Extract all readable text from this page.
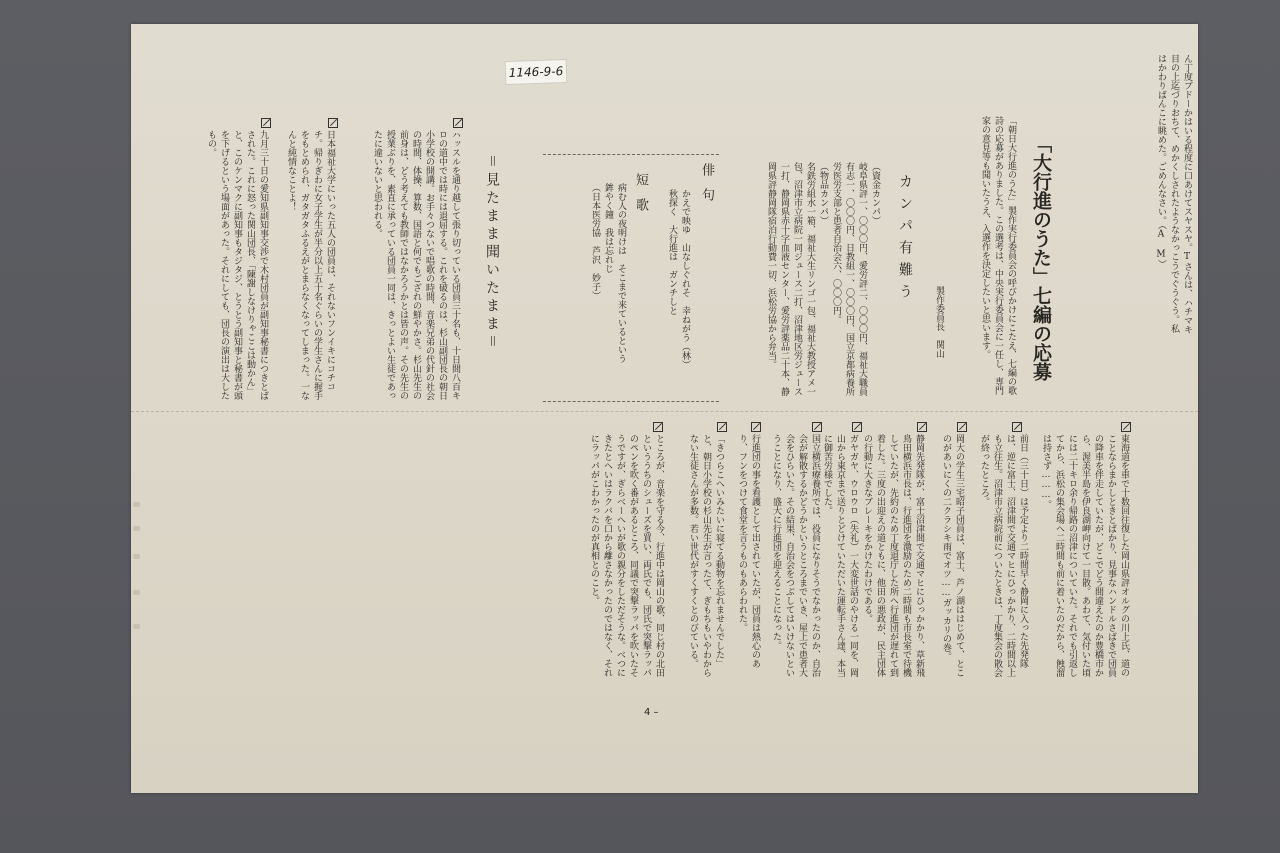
1146-9-6	ん丁度ブドーかはいる程度に口あけてスヤスヤ。Tさんは、ハチマキ目の上迄づりおちて、めかくしされたようなかっこうでぐうぐう。私はかわりばんこに眺めた。ごめんなさい。（A M）
「大行進のうた」七編の応募
「朝日大行進のうた」製作実行委員会の呼びかけにこたえ、七編の歌詩の応募がありました。この選考は、中央実行委員会に一任し、専門家の意見等も聞いたうえ、入選作を決定したいと思います。
製作委員長　関山
カンパ有難う
（資金カンパ）
岐阜県評一、〇〇〇円、愛労評二、〇〇〇円、福祉大職員有志一、〇〇〇円、日教組一、〇〇〇円、国立京都病養所労医労支部と患者自治会六、〇〇〇円。
（物品カンパ）
名鉄労組水一箱、福祉大生リンゴ一包、福祉大教授アメ一包、沼津市立病院一同ジュース二打、沼津地区労ジュース一打、静岡県赤十字血液センター、愛労評薬品二十本、静岡県評静岡隊宿泊行動費一切、浜松労協から弁当。
俳句
かえで映ゆ　山なしぐれそ　幸ねがう（林）
秋探く　大行進は　ガンチしと
短歌
病む人の夜明けは　そこまで来ているという
鉾やく鐘　我は忘れじ
（日本医労協　芦沢　妙子）
＝見たまま聞いたまま＝
ハッスルを通り越して張り切っている団員三十名も、十日間八百キロの道中では時には退屈する。これを破るのは、杉山副団長の朝日小学校の開講。お手々つないで唱歌の時間、音楽兄弟の代針の社会の時間、体操、算数、国語と何でもござれの鮮やかさ。杉山先生の前身は、どう考えても教師ではなかろうかとは皆の声。その先生の授業ぶりを、素直に承っている団員一同は、きっとよい生徒であったに違いないと思われる。
日本福祉大学にいった五人の団員は、それないフンイキにコチコチ。帰りぎわに女子学生が半分以上五十名ぐらいの学生さんに握手をもとめられ、ガタガタふるえがとまらなくなってしまった。一なんと純情なことよ！
九月三十日の愛知県副知事交渉で木村団員が副知事秘書につきとばされた。これに怒った関山団長、「陳謝しなけりゃここは動かん」と、このケンマクに副知事もタジタジ、とうとう副知事と秘書が頭を下げるという場面があった。それにしても、団長の演出は大したもの。
東海道を車で十数回往復した岡山県評オルグの川上氏、道のことならまかしときとばかり、見事なハンドルさばきで団員の降車を伴走していたが、どこでどう間違えたのか豊橋市から、渥美半島を伊良湖岬向けて一目散。あわて、気付いた頃には二十キロ余り帰路の沼津についていた。それでも引返してから、浜松の集会場へ二時間も前に着いたのだから、蝕溜は持さず………。
前日（三十日）は予定より二時間早く静岡に入った先発隊は、逆に富士、沼津間で交通マヒにひっかかり、二時間以上も立往生。沼津市立病院前についたときは、丁度集会の散会が終ったところ。
岡大の学生三宅昭子団員は、富士、芦ノ湖ははじめて、とこのがあいにくの二クラシキ雨でオツ……ガッカリの巻。
静岡先発隊が、富士沼津間で交通マヒにひっかかり、草新飛鳥田横浜市長は、行進団を激励のため二時間も市長室で待機していたが、先約のため丁度退庁した所へ行進団が遅れて到着した。三度の出迎えの道ともに、他田の悪政が、民主団体の行動に大きなブレーキをかけたわけである。
ガヤガヤ、ウロウロ（失礼）一大変世話のやける一同を、岡山から東京まで送りとどけていただいた運転手さん達、本当に御苦労様でした。
国立横浜療養所では、役員になりそうでなかったのか、自治会が解散するかどうかというところまでいき、屋上で患者大会をひらいた。その結果、自治会をつぶしてはいけないということになり、盛大に行進団を迎えることになった。
行進団の事を看護として出されていたが、団員は熱心のあり、フンをつけて食堂を言うものもあらわれた。
「きつらこへいみたいに寝てる動物を忘れませんでした」と、朝日小学校の杉山先生が言ったて、ぎもちもいやわからない生徒さんが多数。若い世代がすくすくとのびている。
ところが、音楽を守る今、行進中は岡山の歌、同じ村の北田といううちのシューズを買い、両氏でも、団氏で突撃ラッパのペンを吹く番があるところ、同議で突撃ラッパを吹いたそうですが、ぎらべーへいが歌の親分をしただそうな。べつにきたとへいはラクバを口から離さなかったのではなく、それにラッパがこわかったのが真相とのこと。
4 –
